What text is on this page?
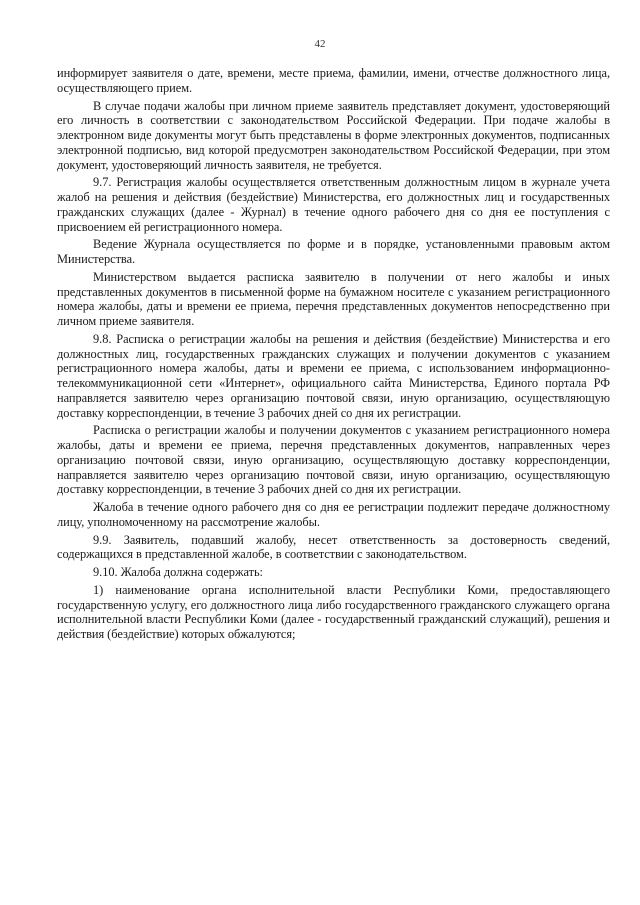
42

информирует заявителя о дате, времени, месте приема, фамилии, имени, отчестве должностного лица, осуществляющего прием.

В случае подачи жалобы при личном приеме заявитель представляет документ, удостоверяющий его личность в соответствии с законодательством Российской Федерации. При подаче жалобы в электронном виде документы могут быть представлены в форме электронных документов, подписанных электронной подписью, вид которой предусмотрен законодательством Российской Федерации, при этом документ, удостоверяющий личность заявителя, не требуется.

9.7. Регистрация жалобы осуществляется ответственным должностным лицом в журнале учета жалоб на решения и действия (бездействие) Министерства, его должностных лиц и государственных гражданских служащих (далее - Журнал) в течение одного рабочего дня со дня ее поступления с присвоением ей регистрационного номера.

Ведение Журнала осуществляется по форме и в порядке, установленными правовым актом Министерства.

Министерством выдается расписка заявителю в получении от него жалобы и иных представленных документов в письменной форме на бумажном носителе с указанием регистрационного номера жалобы, даты и времени ее приема, перечня представленных документов непосредственно при личном приеме заявителя.

9.8. Расписка о регистрации жалобы на решения и действия (бездействие) Министерства и его должностных лиц, государственных гражданских служащих и получении документов с указанием регистрационного номера жалобы, даты и времени ее приема, с использованием информационно-телекоммуникационной сети «Интернет», официального сайта Министерства, Единого портала РФ направляется заявителю через организацию почтовой связи, иную организацию, осуществляющую доставку корреспонденции, в течение 3 рабочих дней со дня их регистрации.

Расписка о регистрации жалобы и получении документов с указанием регистрационного номера жалобы, даты и времени ее приема, перечня представленных документов, направленных через организацию почтовой связи, иную организацию, осуществляющую доставку корреспонденции, направляется заявителю через организацию почтовой связи, иную организацию, осуществляющую доставку корреспонденции, в течение 3 рабочих дней со дня их регистрации.

Жалоба в течение одного рабочего дня со дня ее регистрации подлежит передаче должностному лицу, уполномоченному на рассмотрение жалобы.

9.9. Заявитель, подавший жалобу, несет ответственность за достоверность сведений, содержащихся в представленной жалобе, в соответствии с законодательством.

9.10. Жалоба должна содержать:

1) наименование органа исполнительной власти Республики Коми, предоставляющего государственную услугу, его должностного лица либо государственного гражданского служащего органа исполнительной власти Республики Коми (далее - государственный гражданский служащий), решения и действия (бездействие) которых обжалуются;
